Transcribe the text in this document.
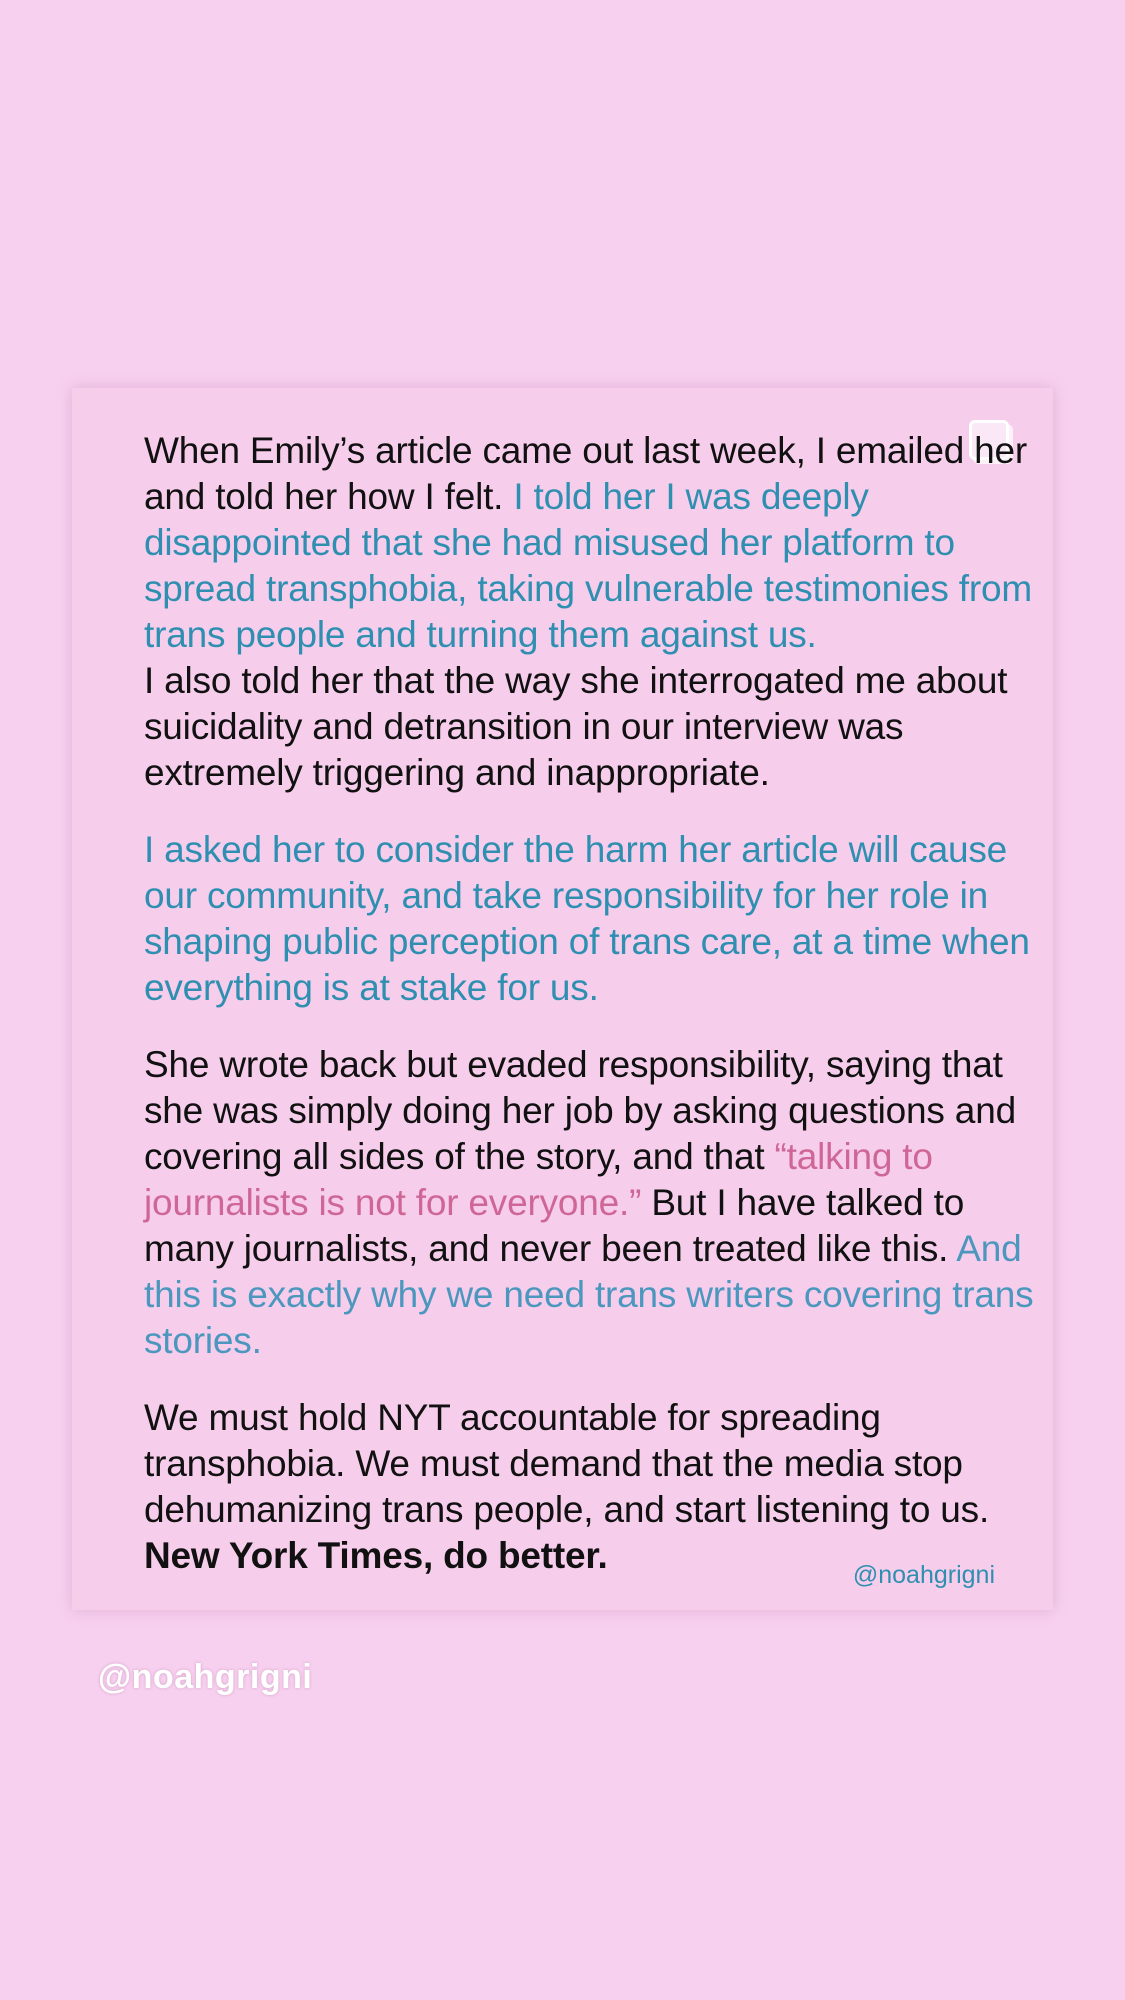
When Emily’s article came out last week, I emailed her and told her how I felt. I told her I was deeply disappointed that she had misused her platform to spread transphobia, taking vulnerable testimonies from trans people and turning them against us.
I also told her that the way she interrogated me about suicidality and detransition in our interview was extremely triggering and inappropriate.

I asked her to consider the harm her article will cause our community, and take responsibility for her role in shaping public perception of trans care, at a time when everything is at stake for us.

She wrote back but evaded responsibility, saying that she was simply doing her job by asking questions and covering all sides of the story, and that “talking to journalists is not for everyone.” But I have talked to many journalists, and never been treated like this. And this is exactly why we need trans writers covering trans stories.

We must hold NYT accountable for spreading transphobia. We must demand that the media stop dehumanizing trans people, and start listening to us. New York Times, do better.	@noahgrigni
@noahgrigni
